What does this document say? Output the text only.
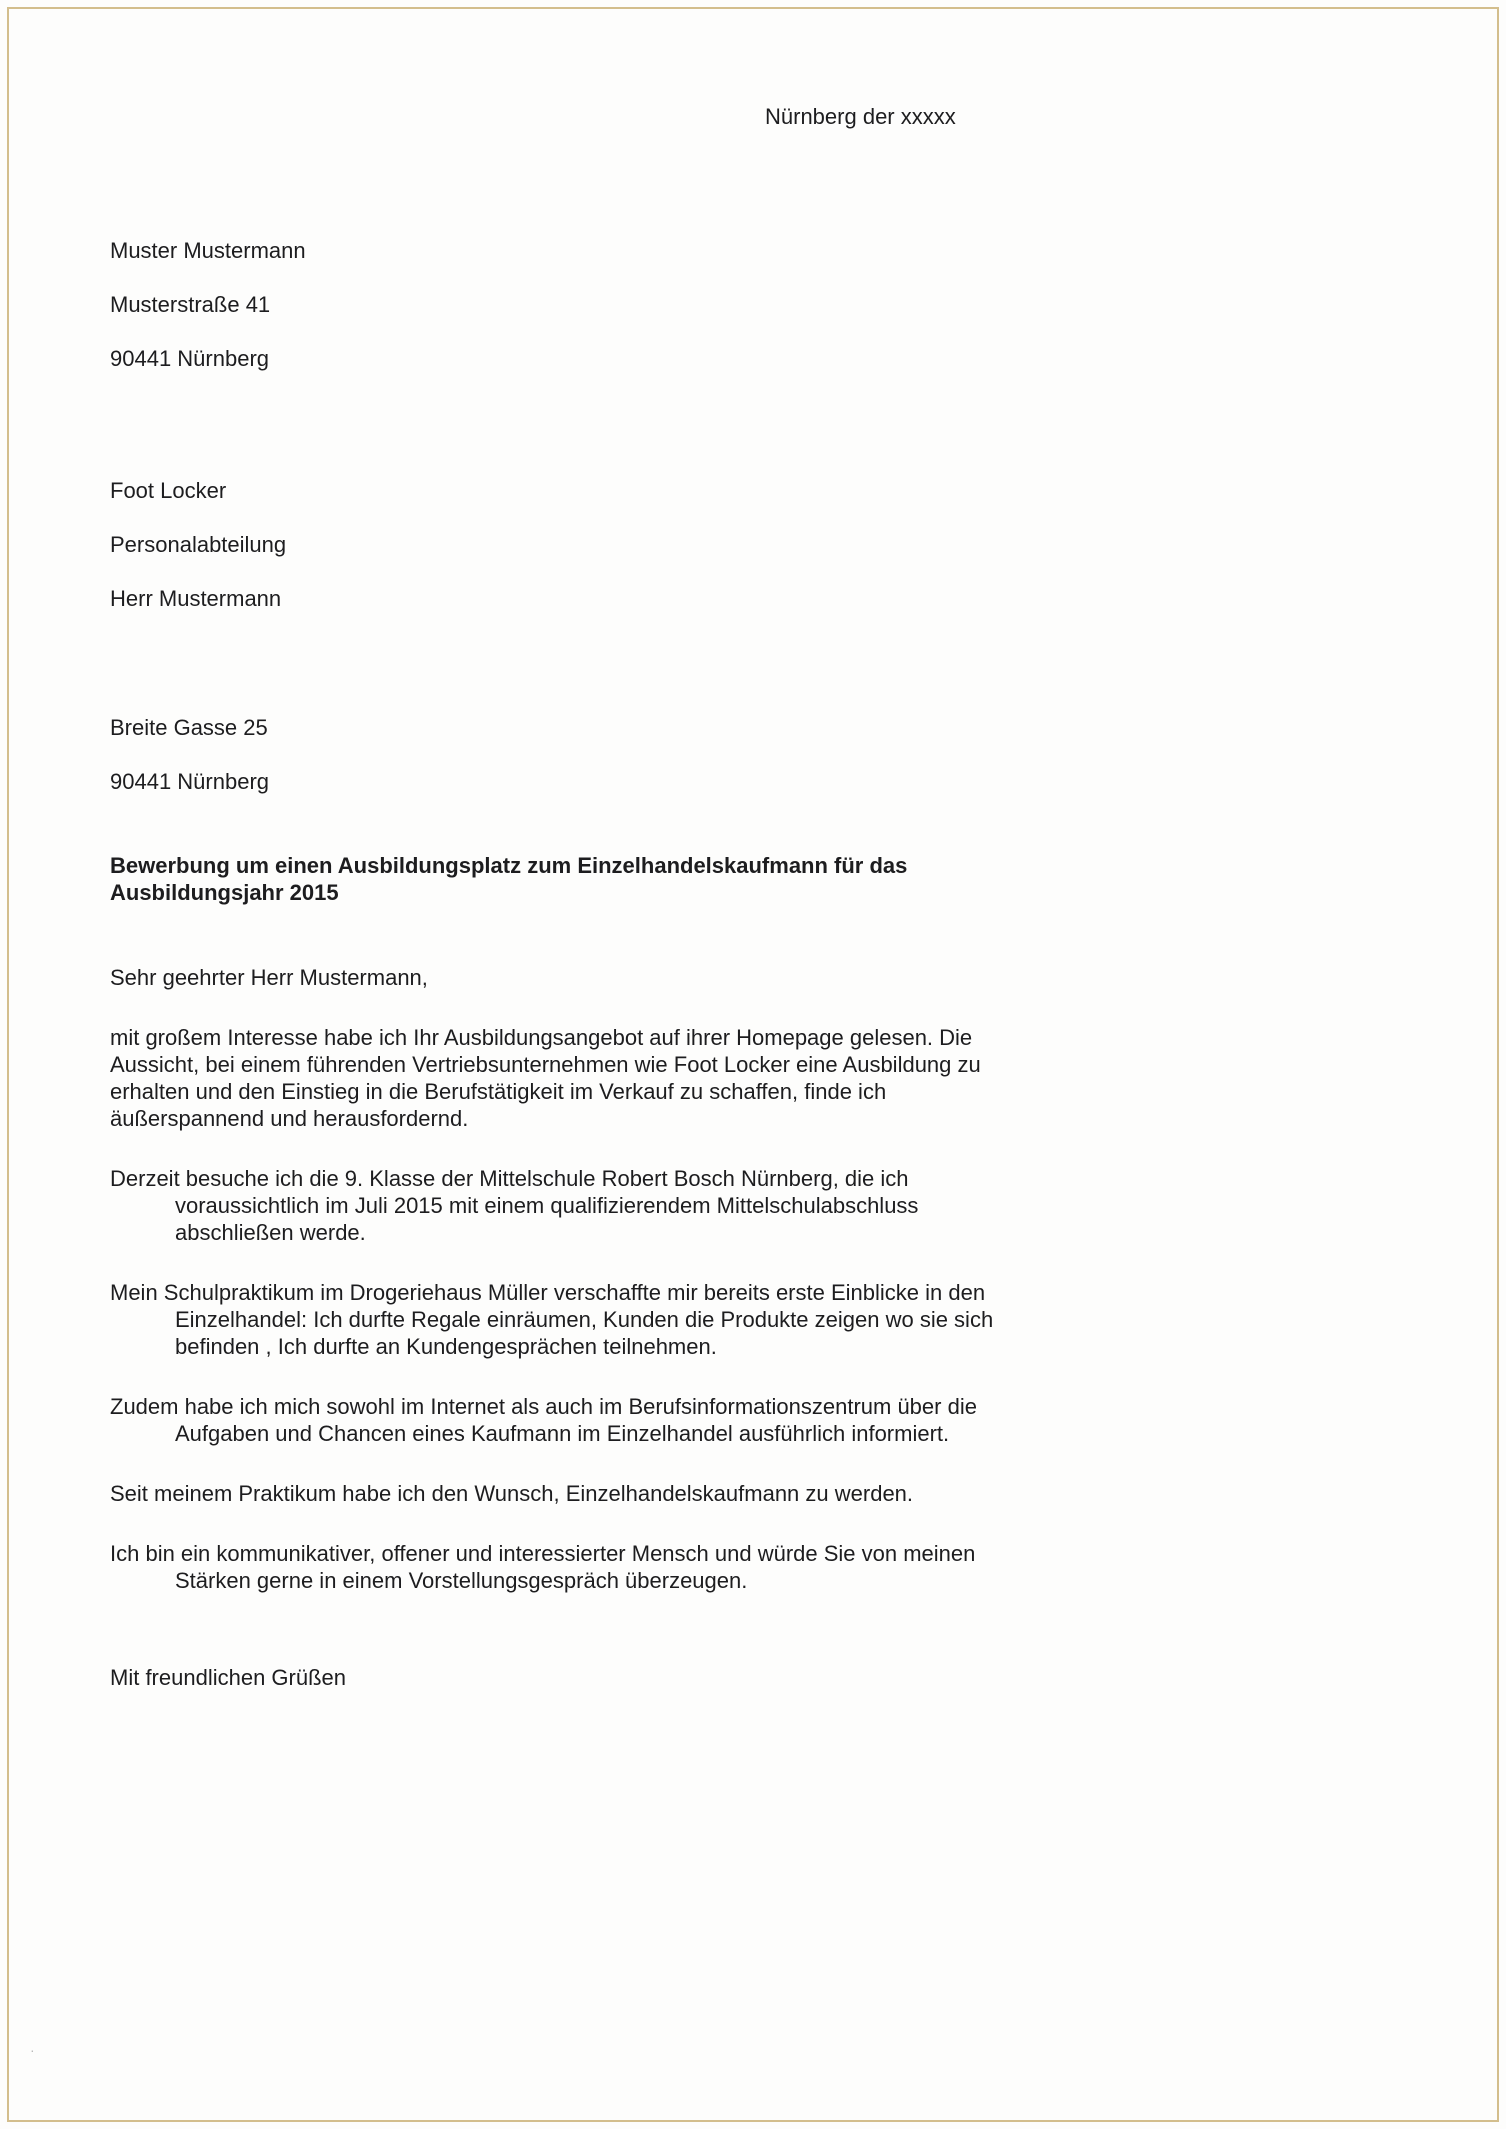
Nürnberg der xxxxx

Muster Mustermann

Musterstraße 41

90441 Nürnberg

Foot Locker

Personalabteilung

Herr Mustermann

Breite Gasse 25

90441 Nürnberg

Bewerbung um einen Ausbildungsplatz zum Einzelhandelskaufmann für das Ausbildungsjahr 2015
Sehr geehrter Herr Mustermann,
mit großem Interesse habe ich Ihr Ausbildungsangebot auf ihrer Homepage gelesen. Die Aussicht, bei einem führenden Vertriebsunternehmen wie Foot Locker eine Ausbildung zu erhalten und den Einstieg in die Berufstätigkeit im Verkauf zu schaffen, finde ich äußerspannend und herausfordernd.
Derzeit besuche ich die 9. Klasse der Mittelschule Robert Bosch Nürnberg, die ich voraussichtlich im Juli 2015 mit einem qualifizierendem Mittelschulabschluss abschließen werde.
Mein Schulpraktikum im Drogeriehaus Müller verschaffte mir bereits erste Einblicke in den Einzelhandel: Ich durfte Regale einräumen, Kunden die Produkte zeigen wo sie sich befinden , Ich durfte an Kundengesprächen teilnehmen.
Zudem habe ich mich sowohl im Internet als auch im Berufsinformationszentrum über die Aufgaben und Chancen eines Kaufmann im Einzelhandel ausführlich informiert.
Seit meinem Praktikum habe ich den Wunsch, Einzelhandelskaufmann zu werden.
Ich bin ein kommunikativer, offener und interessierter Mensch und würde Sie von meinen Stärken gerne in einem Vorstellungsgespräch überzeugen.
Mit freundlichen Grüßen
·
